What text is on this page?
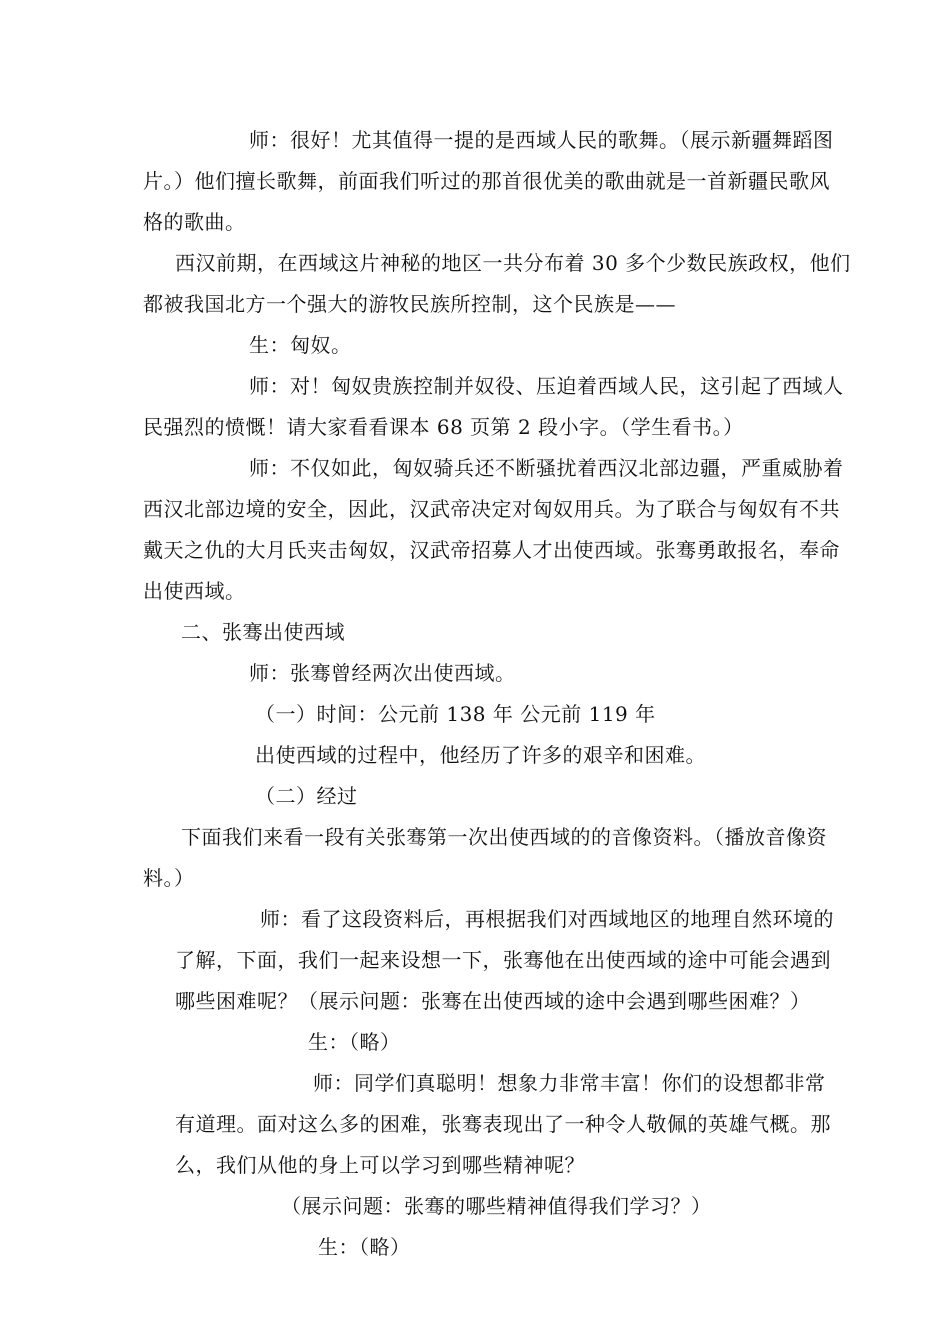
师：很好！尤其值得一提的是西域人民的歌舞。（展示新疆舞蹈图
片。）他们擅长歌舞，前面我们听过的那首很优美的歌曲就是一首新疆民歌风
格的歌曲。
西汉前期，在西域这片神秘的地区一共分布着 30 多个少数民族政权，他们
都被我国北方一个强大的游牧民族所控制，这个民族是——
生：匈奴。
师：对！匈奴贵族控制并奴役、压迫着西域人民，这引起了西域人
民强烈的愤慨！请大家看看课本 68 页第 2 段小字。（学生看书。）
师：不仅如此，匈奴骑兵还不断骚扰着西汉北部边疆，严重威胁着
西汉北部边境的安全，因此，汉武帝决定对匈奴用兵。为了联合与匈奴有不共
戴天之仇的大月氏夹击匈奴，汉武帝招募人才出使西域。张骞勇敢报名，奉命
出使西域。
二、张骞出使西域
师：张骞曾经两次出使西域。
（一）时间：公元前 138 年 公元前 119 年
出使西域的过程中，他经历了许多的艰辛和困难。
（二）经过
下面我们来看一段有关张骞第一次出使西域的的音像资料。（播放音像资
料。）
师：看了这段资料后，再根据我们对西域地区的地理自然环境的
了解，下面，我们一起来设想一下，张骞他在出使西域的途中可能会遇到
哪些困难呢？（展示问题：张骞在出使西域的途中会遇到哪些困难？）
生：（略）
师：同学们真聪明！想象力非常丰富！你们的设想都非常
有道理。面对这么多的困难，张骞表现出了一种令人敬佩的英雄气概。那
么，我们从他的身上可以学习到哪些精神呢？
（展示问题：张骞的哪些精神值得我们学习？）
生：（略）
